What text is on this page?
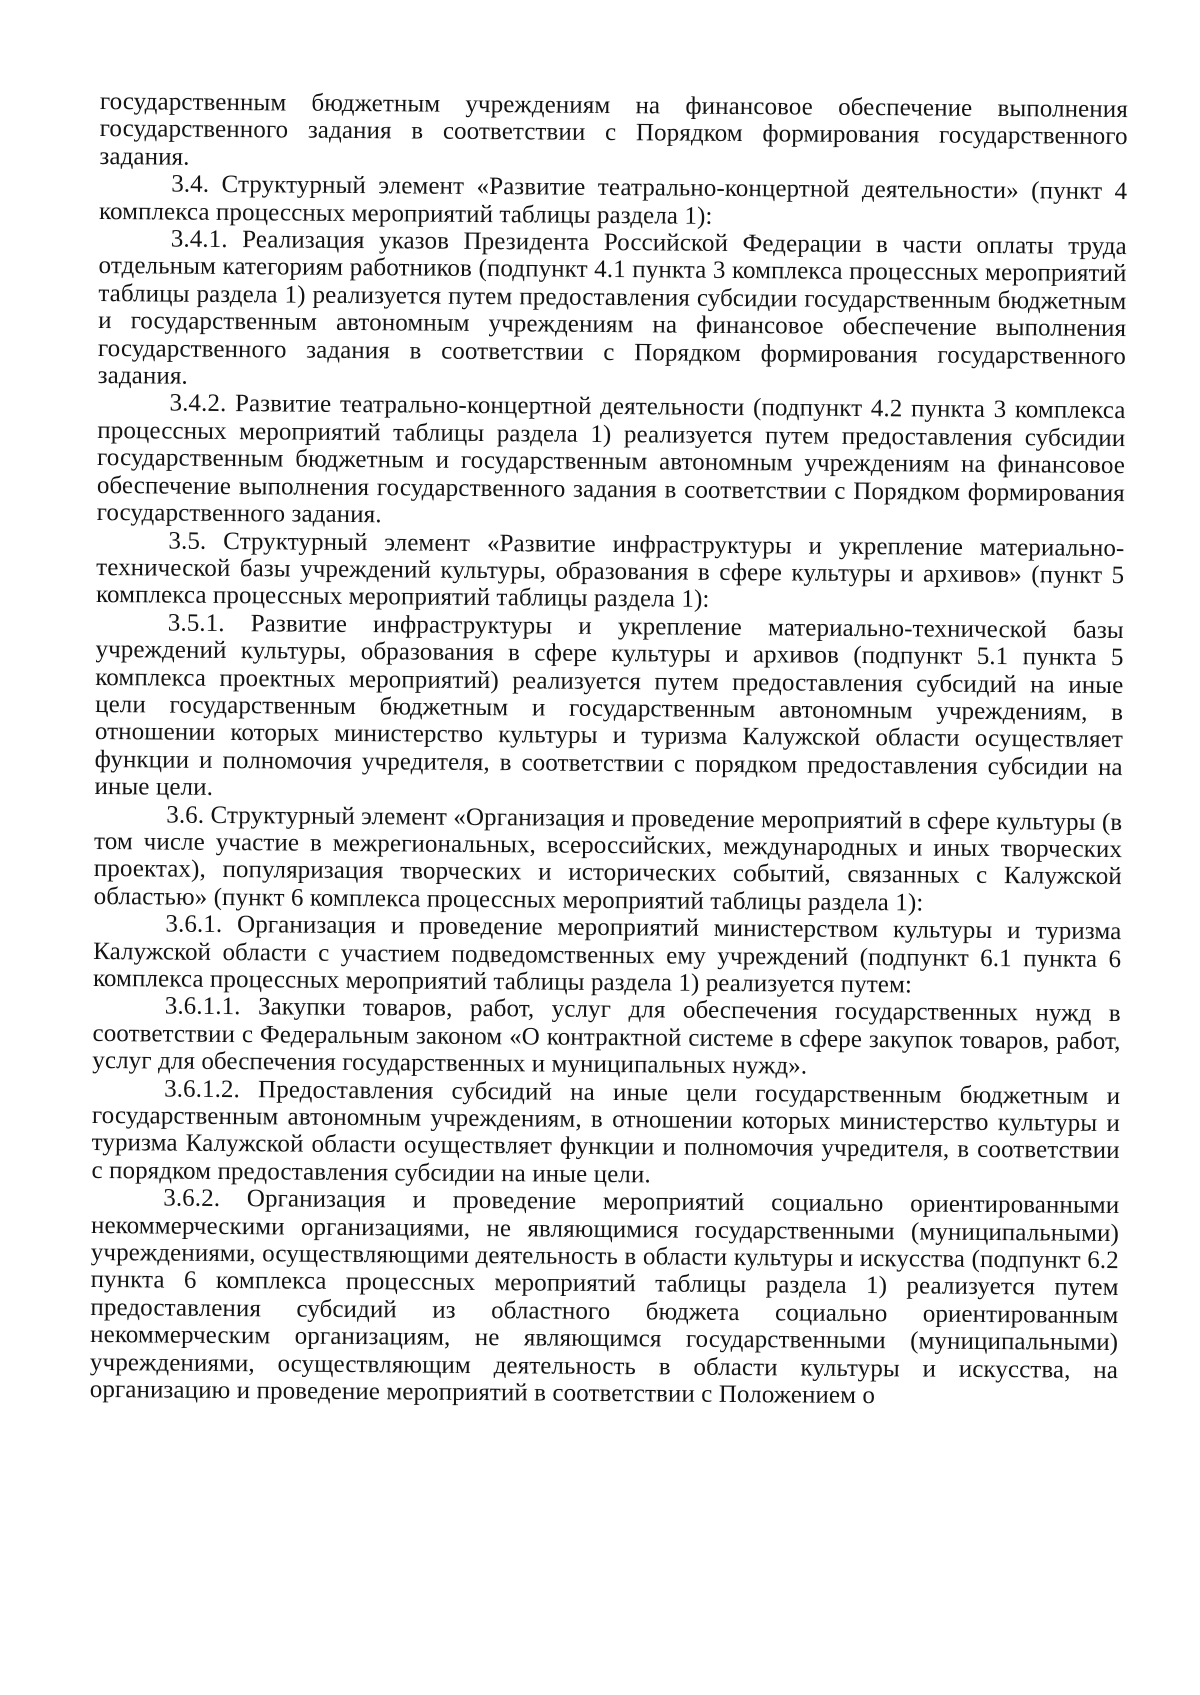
государственным бюджетным учреждениям на финансовое обеспечение выполнения государственного задания в соответствии с Порядком формирования государственного задания.

3.4. Структурный элемент «Развитие театрально-концертной деятельности» (пункт 4 комплекса процессных мероприятий таблицы раздела 1):

3.4.1. Реализация указов Президента Российской Федерации в части оплаты труда отдельным категориям работников (подпункт 4.1 пункта 3 комплекса процессных мероприятий таблицы раздела 1) реализуется путем предоставления субсидии государственным бюджетным и государственным автономным учреждениям на финансовое обеспечение выполнения государственного задания в соответствии с Порядком формирования государственного задания.

3.4.2. Развитие театрально-концертной деятельности (подпункт 4.2 пункта 3 комплекса процессных мероприятий таблицы раздела 1) реализуется путем предоставления субсидии государственным бюджетным и государственным автономным учреждениям на финансовое обеспечение выполнения государственного задания в соответствии с Порядком формирования государственного задания.

3.5. Структурный элемент «Развитие инфраструктуры и укрепление материально-технической базы учреждений культуры, образования в сфере культуры и архивов» (пункт 5 комплекса процессных мероприятий таблицы раздела 1):

3.5.1. Развитие инфраструктуры и укрепление материально-технической базы учреждений культуры, образования в сфере культуры и архивов (подпункт 5.1 пункта 5 комплекса проектных мероприятий) реализуется путем предоставления субсидий на иные цели государственным бюджетным и государственным автономным учреждениям, в отношении которых министерство культуры и туризма Калужской области осуществляет функции и полномочия учредителя, в соответствии с порядком предоставления субсидии на иные цели.

3.6. Структурный элемент «Организация и проведение мероприятий в сфере культуры (в том числе участие в межрегиональных, всероссийских, международных и иных творческих проектах), популяризация творческих и исторических событий, связанных с Калужской областью» (пункт 6 комплекса процессных мероприятий таблицы раздела 1):

3.6.1. Организация и проведение мероприятий министерством культуры и туризма Калужской области с участием подведомственных ему учреждений (подпункт 6.1 пункта 6 комплекса процессных мероприятий таблицы раздела 1) реализуется путем:

3.6.1.1. Закупки товаров, работ, услуг для обеспечения государственных нужд в соответствии с Федеральным законом «О контрактной системе в сфере закупок товаров, работ, услуг для обеспечения государственных и муниципальных нужд».

3.6.1.2. Предоставления субсидий на иные цели государственным бюджетным и государственным автономным учреждениям, в отношении которых министерство культуры и туризма Калужской области осуществляет функции и полномочия учредителя, в соответствии с порядком предоставления субсидии на иные цели.

3.6.2. Организация и проведение мероприятий социально ориентированными некоммерческими организациями, не являющимися государственными (муниципальными) учреждениями, осуществляющими деятельность в области культуры и искусства (подпункт 6.2 пункта 6 комплекса процессных мероприятий таблицы раздела 1) реализуется путем предоставления субсидий из областного бюджета социально ориентированным некоммерческим организациям, не являющимся государственными (муниципальными) учреждениями, осуществляющим деятельность в области культуры и искусства, на организацию и проведение мероприятий в соответствии с Положением о
